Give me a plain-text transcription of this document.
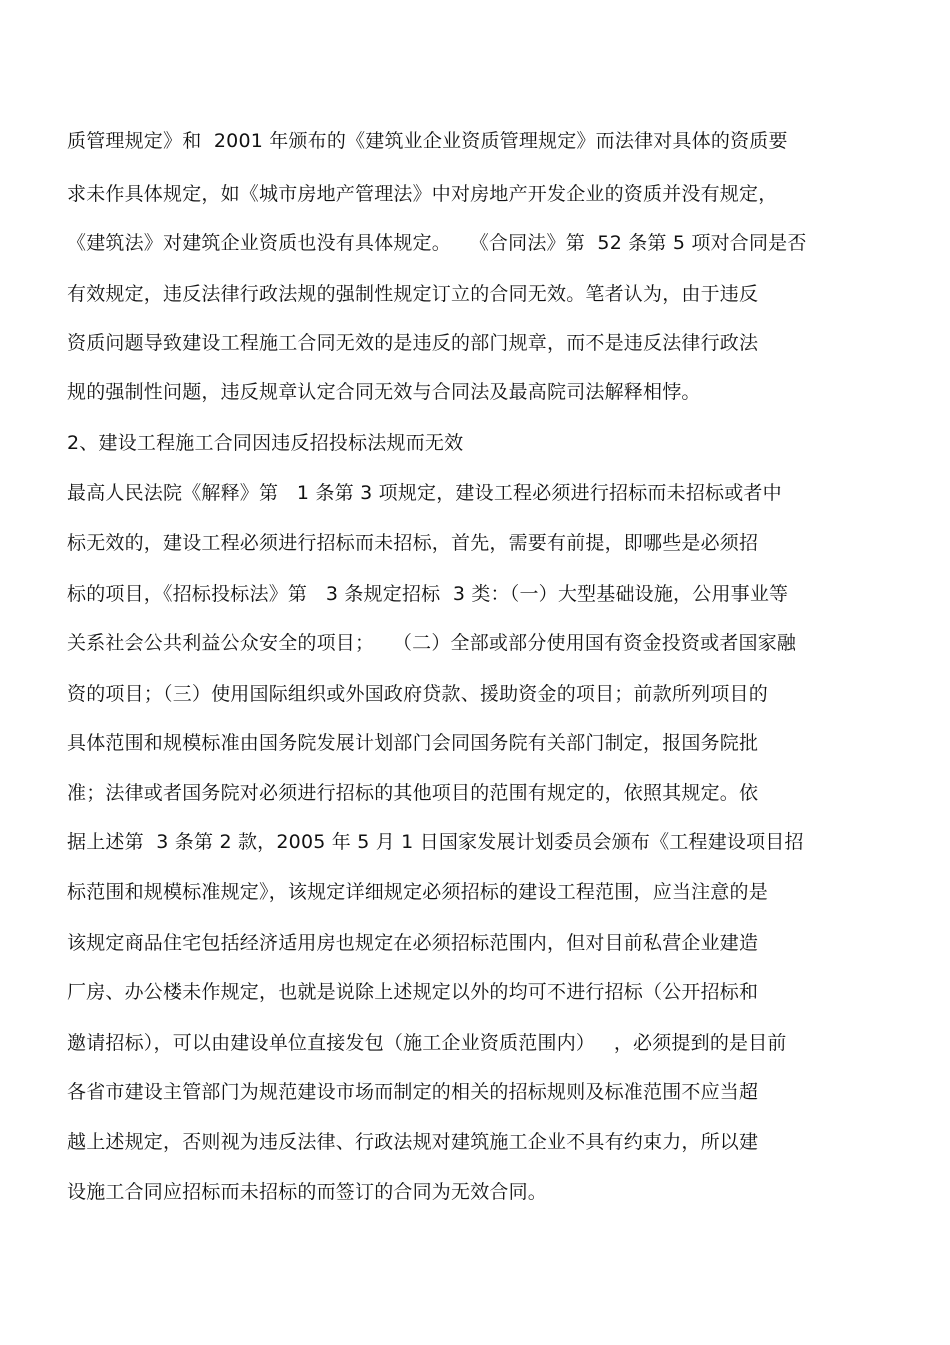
质管理规定》和  2001 年颁布的《建筑业企业资质管理规定》而法律对具体的资质要
求未作具体规定，如《城市房地产管理法》中对房地产开发企业的资质并没有规定，
《建筑法》对建筑企业资质也没有具体规定。   《合同法》第  52 条第 5 项对合同是否
有效规定，违反法律行政法规的强制性规定订立的合同无效。笔者认为，由于违反
资质问题导致建设工程施工合同无效的是违反的部门规章，而不是违反法律行政法
规的强制性问题，违反规章认定合同无效与合同法及最高院司法解释相悖。
2、建设工程施工合同因违反招投标法规而无效
最高人民法院《解释》第   1 条第 3 项规定，建设工程必须进行招标而未招标或者中
标无效的，建设工程必须进行招标而未招标，首先，需要有前提，即哪些是必须招
标的项目，《招标投标法》第   3 条规定招标  3 类：（一）大型基础设施，公用事业等
关系社会公共利益公众安全的项目；   （二）全部或部分使用国有资金投资或者国家融
资的项目；（三）使用国际组织或外国政府贷款、援助资金的项目；前款所列项目的
具体范围和规模标准由国务院发展计划部门会同国务院有关部门制定，报国务院批
准；法律或者国务院对必须进行招标的其他项目的范围有规定的，依照其规定。依
据上述第  3 条第 2 款，2005 年 5 月 1 日国家发展计划委员会颁布《工程建设项目招
标范围和规模标准规定》，该规定详细规定必须招标的建设工程范围，应当注意的是
该规定商品住宅包括经济适用房也规定在必须招标范围内，但对目前私营企业建造
厂房、办公楼未作规定，也就是说除上述规定以外的均可不进行招标（公开招标和
邀请招标），可以由建设单位直接发包（施工企业资质范围内）   ，必须提到的是目前
各省市建设主管部门为规范建设市场而制定的相关的招标规则及标准范围不应当超
越上述规定，否则视为违反法律、行政法规对建筑施工企业不具有约束力，所以建
设施工合同应招标而未招标的而签订的合同为无效合同。
